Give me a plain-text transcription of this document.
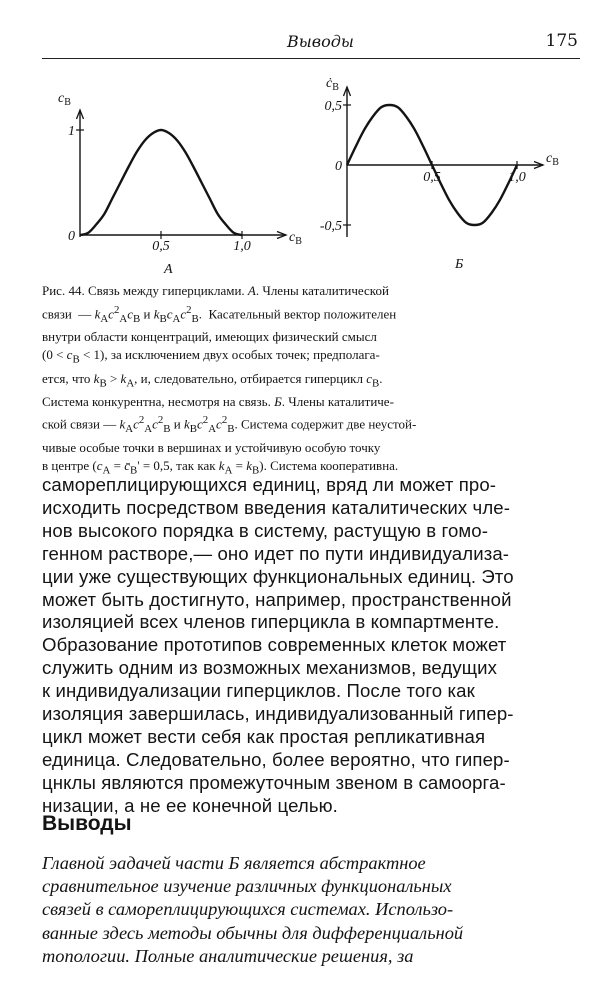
Выводы	175
$c_B$
$c_B$
0,5	1,0
0
1
А
$ċ_B$
$c_B$
0,5	1,0
0,5
0
-0,5
Б
Рис. 44. Связь между гиперциклами. А. Члены каталитической
связи  — $k_Ac^2_Ac_B$ и $k_Bc_Ac^2_B$.  Касательный вектор положителен
внутри области концентраций, имеющих физический смысл
$(0 < c_B < 1)$, за исключением двух особых точек; предполага-
ется, что $k_B > k_A$, и, следовательно, отбирается гиперцикл $c_B$.
Система конкурентна, несмотря на связь. Б. Члены каталитиче-
ской связи — $k_Ac^2_Ac^2_B$ и $k_Bc^2_Ac^2_B$. Система содержит две неустой-
чивые особые точки в вершинах и устойчивую особую точку
в центре ($c_A$ = $c̄_B' = 0,5$, так как $k_A = k_B$). Система кооперативна.
самореплицирующихся единиц, вряд ли может про-
исходить посредством введения каталитических чле-
нов высокого порядка в систему, растущую в гомо-
генном растворе,— оно идет по пути индивидуализа-
ции уже существующих функциональных единиц. Это
может быть достигнуто, например, пространственной
изоляцией всех членов гиперцикла в компартменте.
Образование прототипов современных клеток может
служить одним из возможных механизмов, ведущих
к индивидуализации гиперциклов. После того как
изоляция завершилась, индивидуализованный гипер-
цикл может вести себя как простая репликативная
единица. Следовательно, более вероятно, что гипер-
цнклы являются промежуточным звеном в самоорга-
низации, а не ее конечной целью.
Выводы
Главной эадачей части Б является абстрактное
сравнительное изучение различных функциональных
связей в самореплицирующихся системах. Использо-
ванные здесь методы обычны для дифференциальной
топологии. Полные аналитические решения, за
